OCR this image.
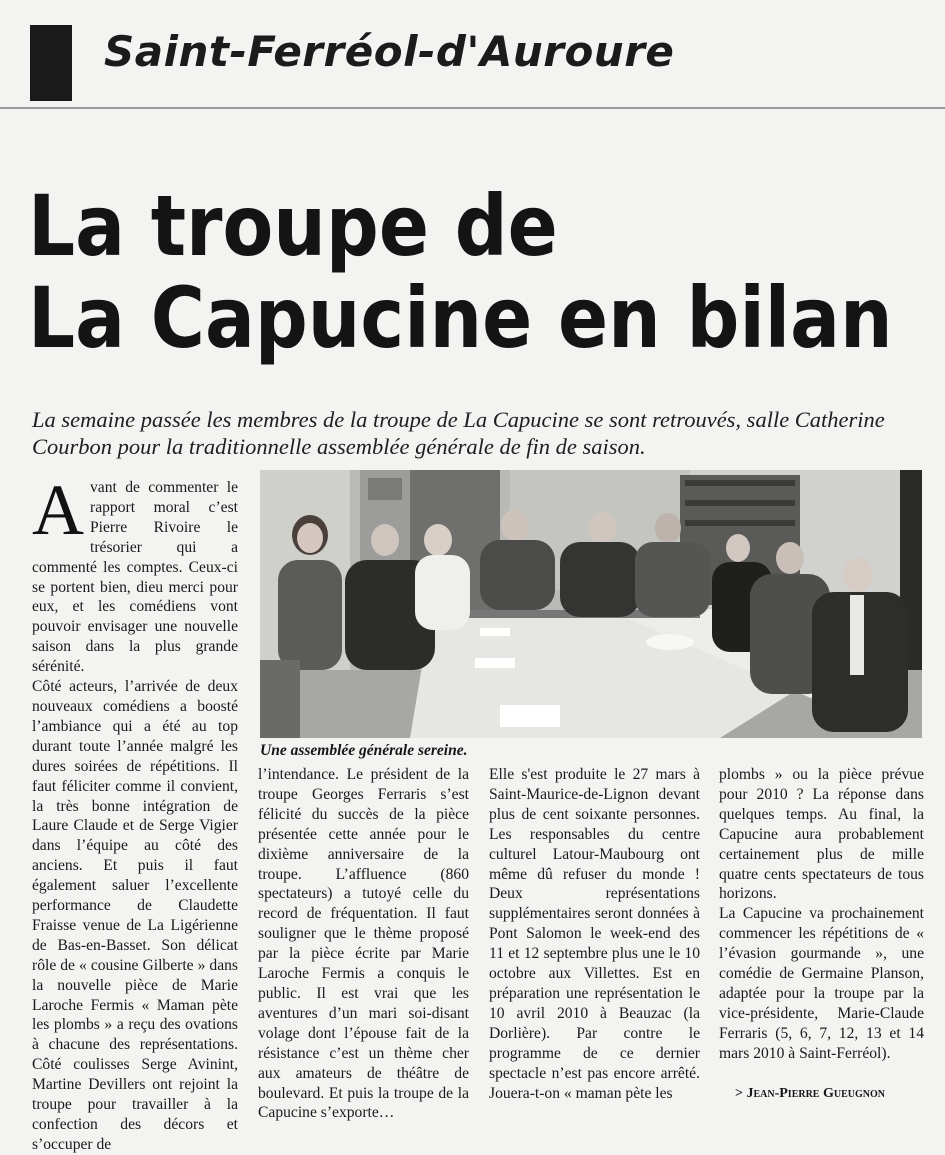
Saint-Ferréol-d'Auroure
La troupe de
La Capucine en bilan
La semaine passée les membres de la troupe de La Capucine se sont retrouvés, salle Catherine Courbon pour la traditionnelle assemblée générale de fin de saison.

Avant de commenter le rapport moral c’est Pierre Rivoire le trésorier qui a commenté les comptes. Ceux-ci se portent bien, dieu merci pour eux, et les comédiens vont pouvoir envisager une nouvelle saison dans la plus grande sérénité.

Côté acteurs, l’arrivée de deux nouveaux comédiens a boosté l’ambiance qui a été au top durant toute l’année malgré les dures soirées de répétitions. Il faut féliciter comme il convient, la très bonne intégration de Laure Claude et de Serge Vigier dans l’équipe au côté des anciens. Et puis il faut également saluer l’excellente performance de Claudette Fraisse venue de La Ligérienne de Bas-en-Basset. Son délicat rôle de « cousine Gilberte » dans la nouvelle pièce de Marie Laroche Fermis « Maman pète les plombs » a reçu des ovations à chacune des représentations. Côté coulisses Serge Avinint, Martine Devillers ont rejoint la troupe pour travailler à la confection des décors et s’occuper de

Une assemblée générale sereine.

l’intendance. Le président de la troupe Georges Ferraris s’est félicité du succès de la pièce présentée cette année pour le dixième anniversaire de la troupe. L’affluence (860 spectateurs) a tutoyé celle du record de fréquentation. Il faut souligner que le thème proposé par la pièce écrite par Marie Laroche Fermis a conquis le public. Il est vrai que les aventures d’un mari soi-disant volage dont l’épouse fait de la résistance c’est un thème cher aux amateurs de théâtre de boulevard. Et puis la troupe de la Capucine s’exporte…

Elle s'est produite le 27 mars à Saint-Maurice-de-Lignon devant plus de cent soixante personnes. Les responsables du centre culturel Latour-Maubourg ont même dû refuser du monde ! Deux représentations supplémentaires seront données à Pont Salomon le week-end des 11 et 12 septembre plus une le 10 octobre aux Villettes. Est en préparation une représentation le 10 avril 2010 à Beauzac (la Dorlière). Par contre le programme de ce dernier spectacle n’est pas encore arrêté. Jouera-t-on « maman pète les

plombs » ou la pièce prévue pour 2010 ? La réponse dans quelques temps. Au final, la Capucine aura probablement certainement plus de mille quatre cents spectateurs de tous horizons.

La Capucine va prochainement commencer les répétitions de « l’évasion gourmande », une comédie de Germaine Planson, adaptée pour la troupe par la vice-présidente, Marie-Claude Ferraris (5, 6, 7, 12, 13 et 14 mars 2010 à Saint-Ferréol).

> Jean-Pierre Gueugnon
